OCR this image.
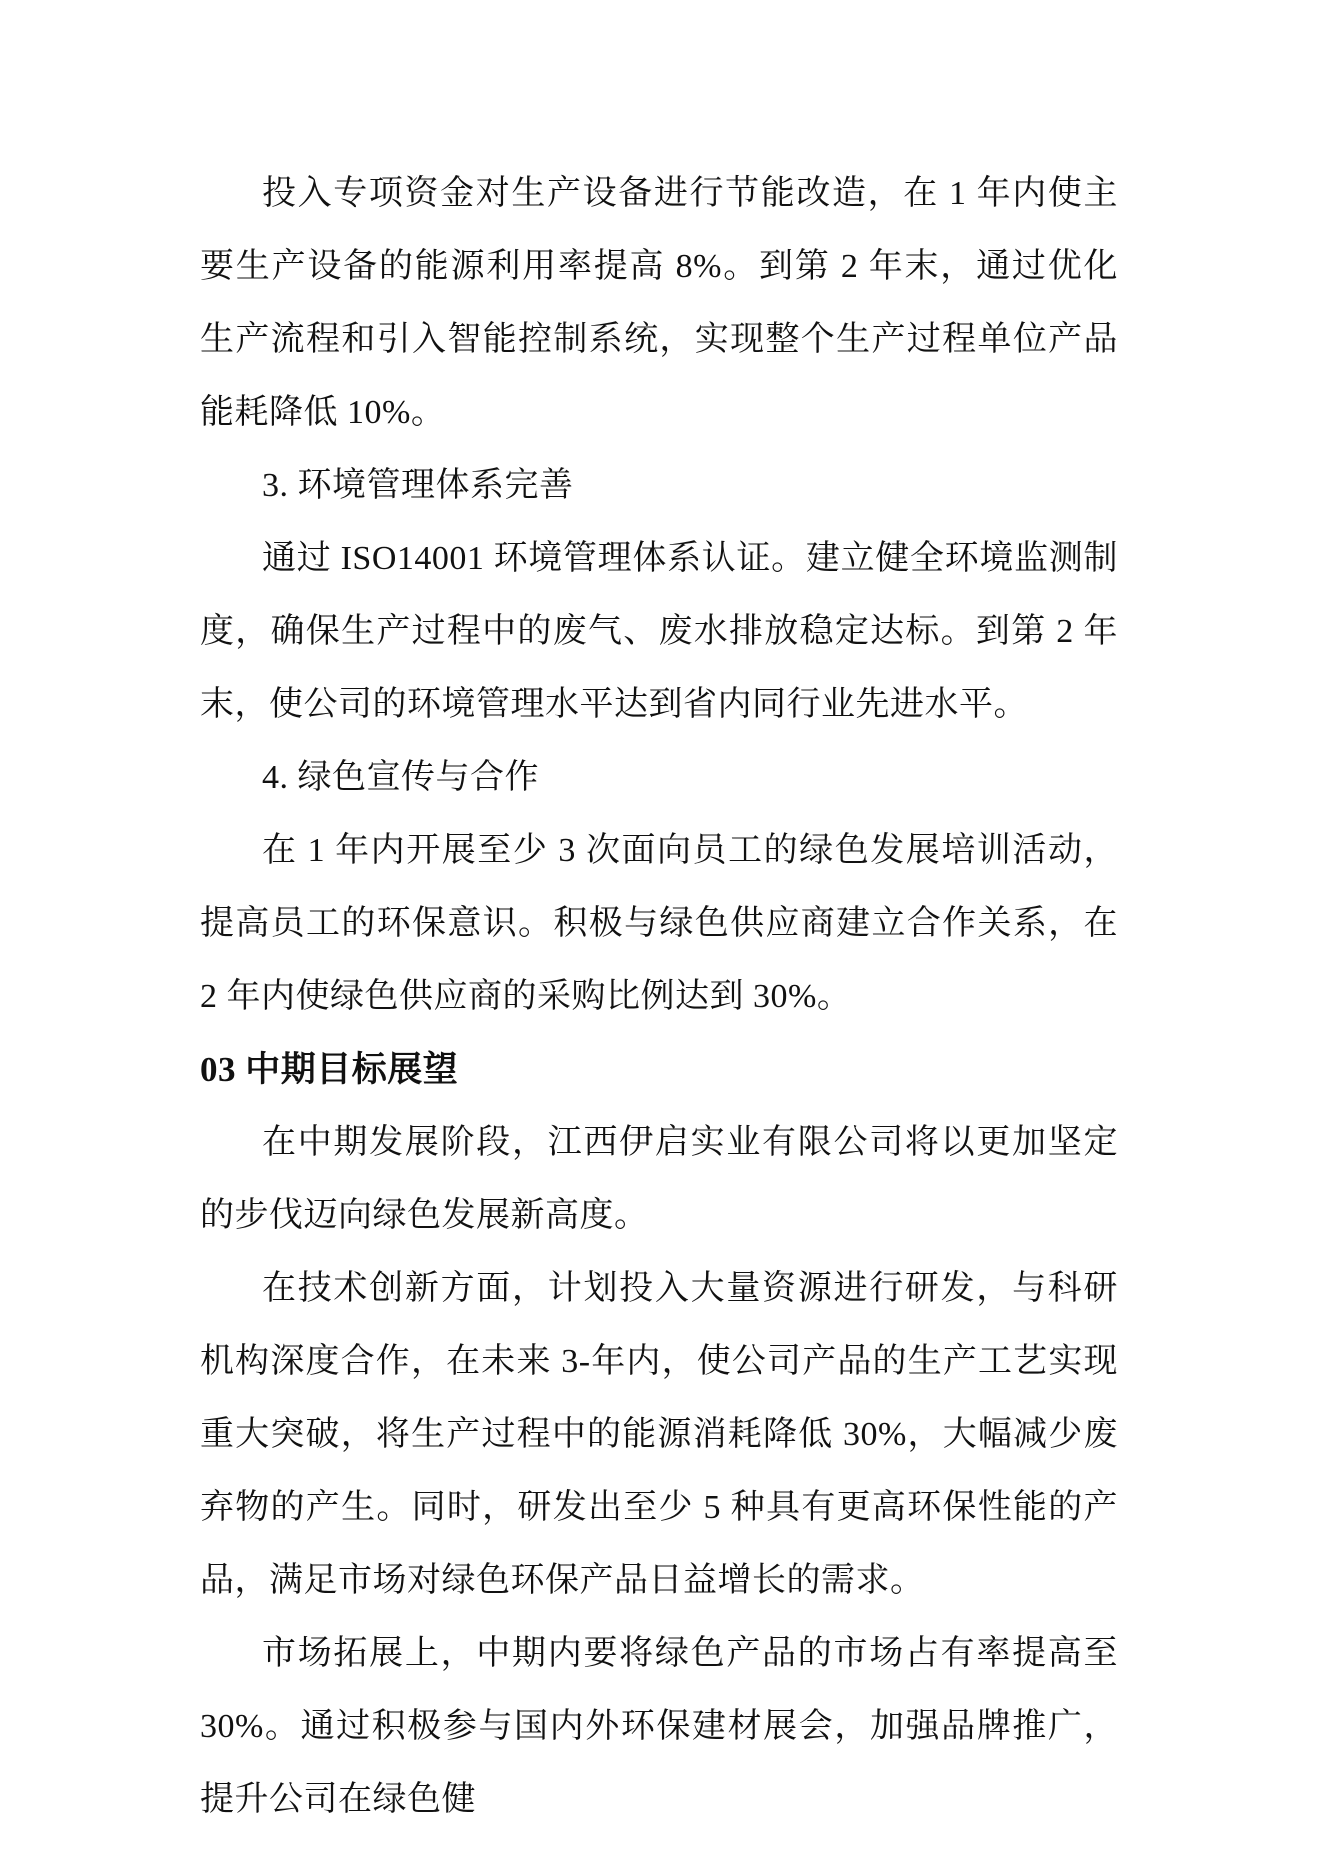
投入专项资金对生产设备进行节能改造，在 1 年内使主要生产设备的能源利用率提高 8%。到第 2 年末，通过优化生产流程和引入智能控制系统，实现整个生产过程单位产品能耗降低 10%。

3. 环境管理体系完善

通过 ISO14001 环境管理体系认证。建立健全环境监测制度，确保生产过程中的废气、废水排放稳定达标。到第 2 年末，使公司的环境管理水平达到省内同行业先进水平。

4. 绿色宣传与合作

在 1 年内开展至少 3 次面向员工的绿色发展培训活动，提高员工的环保意识。积极与绿色供应商建立合作关系，在 2 年内使绿色供应商的采购比例达到 30%。

03 中期目标展望

在中期发展阶段，江西伊启实业有限公司将以更加坚定的步伐迈向绿色发展新高度。

在技术创新方面，计划投入大量资源进行研发，与科研机构深度合作，在未来 3-年内，使公司产品的生产工艺实现重大突破，将生产过程中的能源消耗降低 30%，大幅减少废弃物的产生。同时，研发出至少 5 种具有更高环保性能的产品，满足市场对绿色环保产品日益增长的需求。

市场拓展上，中期内要将绿色产品的市场占有率提高至 30%。通过积极参与国内外环保建材展会，加强品牌推广，提升公司在绿色健
